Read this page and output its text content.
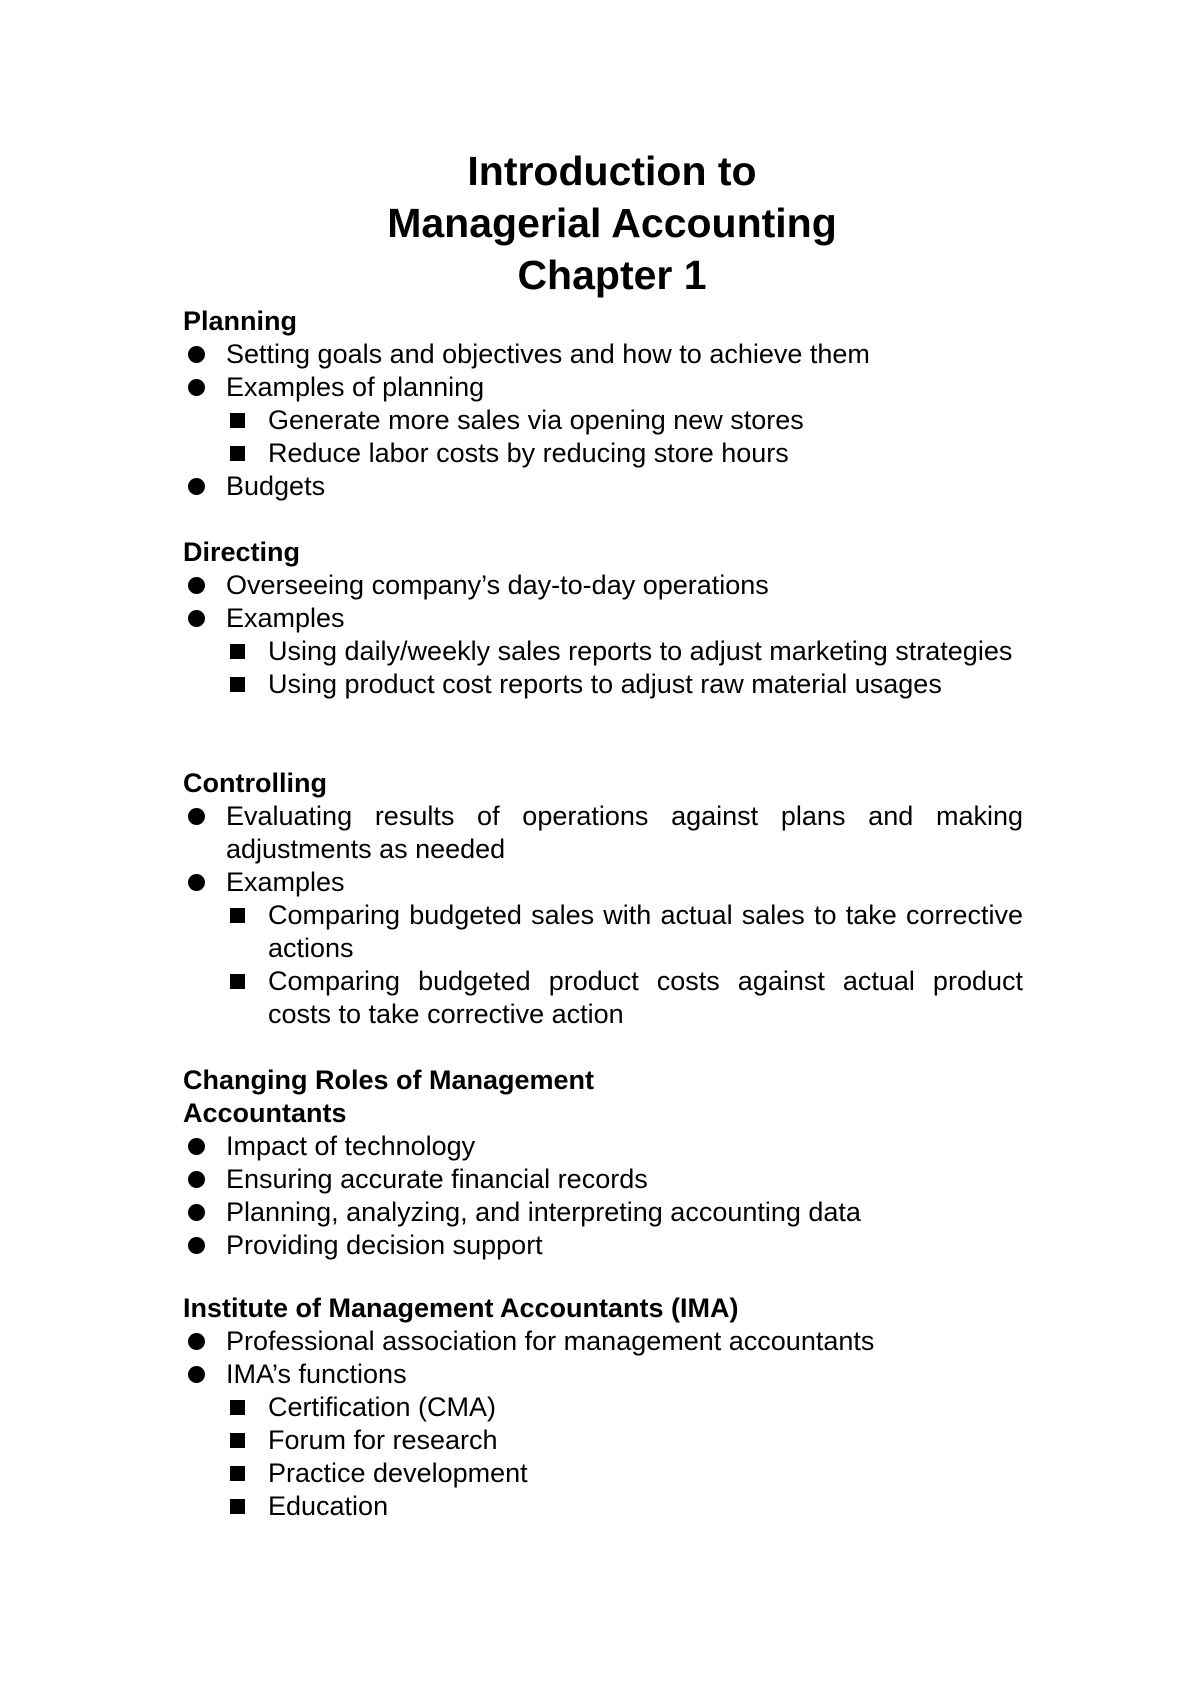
Introduction to
Managerial Accounting
Chapter 1
Planning
Setting goals and objectives and how to achieve them
Examples of planning
Generate more sales via opening new stores
Reduce labor costs by reducing store hours
Budgets
Directing
Overseeing company’s day-to-day operations
Examples
Using daily/weekly sales reports to adjust marketing strategies
Using product cost reports to adjust raw material usages
Controlling
Evaluating results of operations against plans and making adjustments as needed
Examples
Comparing budgeted sales with actual sales to take corrective actions
Comparing budgeted product costs against actual product costs to take corrective action
Changing Roles of Management
Accountants
Impact of technology
Ensuring accurate financial records
Planning, analyzing, and interpreting accounting data
Providing decision support
Institute of Management Accountants (IMA)
Professional association for management accountants
IMA’s functions
Certification (CMA)
Forum for research
Practice development
Education
